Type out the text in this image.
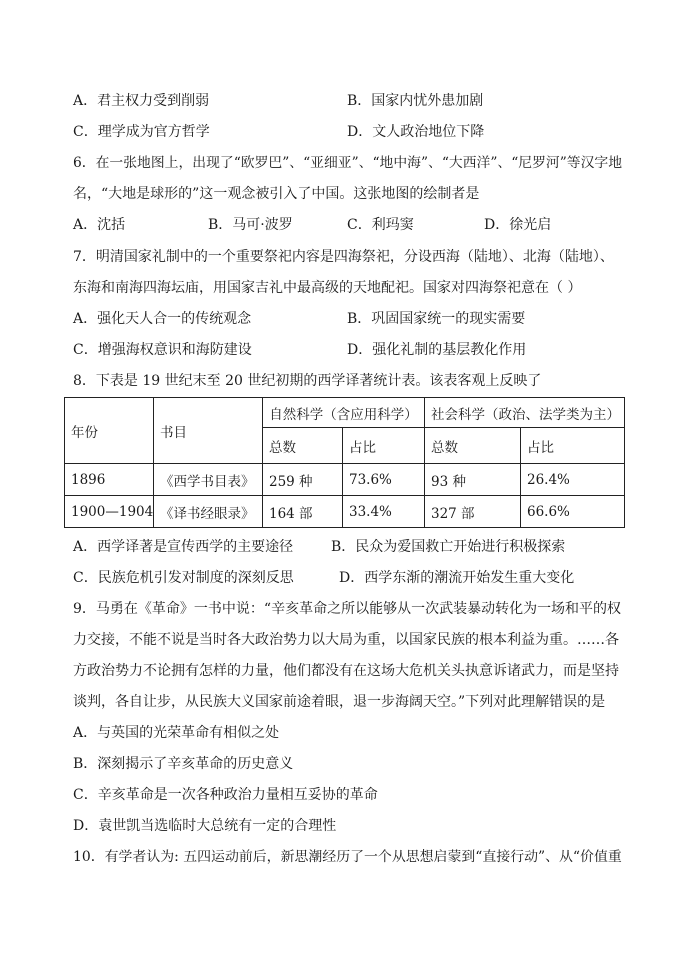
A．君主权力受到削弱	B．国家内忧外患加剧
C．理学成为官方哲学	D．文人政治地位下降
6．在一张地图上，出现了“欧罗巴”、“亚细亚”、“地中海”、“大西洋”、“尼罗河”等汉字地
名，“大地是球形的”这一观念被引入了中国。这张地图的绘制者是
A．沈括	B．马可·波罗	C．利玛窦	D．徐光启
7．明清国家礼制中的一个重要祭祀内容是四海祭祀，分设西海（陆地）、北海（陆地）、
东海和南海四海坛庙，用国家吉礼中最高级的天地配祀。国家对四海祭祀意在（ ）
A．强化天人合一的传统观念	B．巩固国家统一的现实需要
C．增强海权意识和海防建设	D．强化礼制的基层教化作用
8．下表是 19 世纪末至 20 世纪初期的西学译著统计表。该表客观上反映了
年份	书目	自然科学（含应用科学）		社会科学（政治、法学类为主）	
		总数	占比	总数	占比
1896	《西学书目表》	259 种	73.6%	93 种	26.4%
1900—1904	《译书经眼录》	164 部	33.4%	327 部	66.6%
A．西学译著是宣传西学的主要途径	B．民众为爱国救亡开始进行积极探索
C．民族危机引发对制度的深刻反思	D．西学东渐的潮流开始发生重大变化
9．马勇在《革命》一书中说：“辛亥革命之所以能够从一次武装暴动转化为一场和平的权
力交接，不能不说是当时各大政治势力以大局为重，以国家民族的根本利益为重。……各
方政治势力不论拥有怎样的力量，他们都没有在这场大危机关头执意诉诸武力，而是坚持
谈判，各自让步，从民族大义国家前途着眼，退一步海阔天空。”下列对此理解错误的是
A．与英国的光荣革命有相似之处
B．深刻揭示了辛亥革命的历史意义
C．辛亥革命是一次各种政治力量相互妥协的革命
D．袁世凯当选临时大总统有一定的合理性
10．有学者认为: 五四运动前后，新思潮经历了一个从思想启蒙到“直接行动”、从“价值重
